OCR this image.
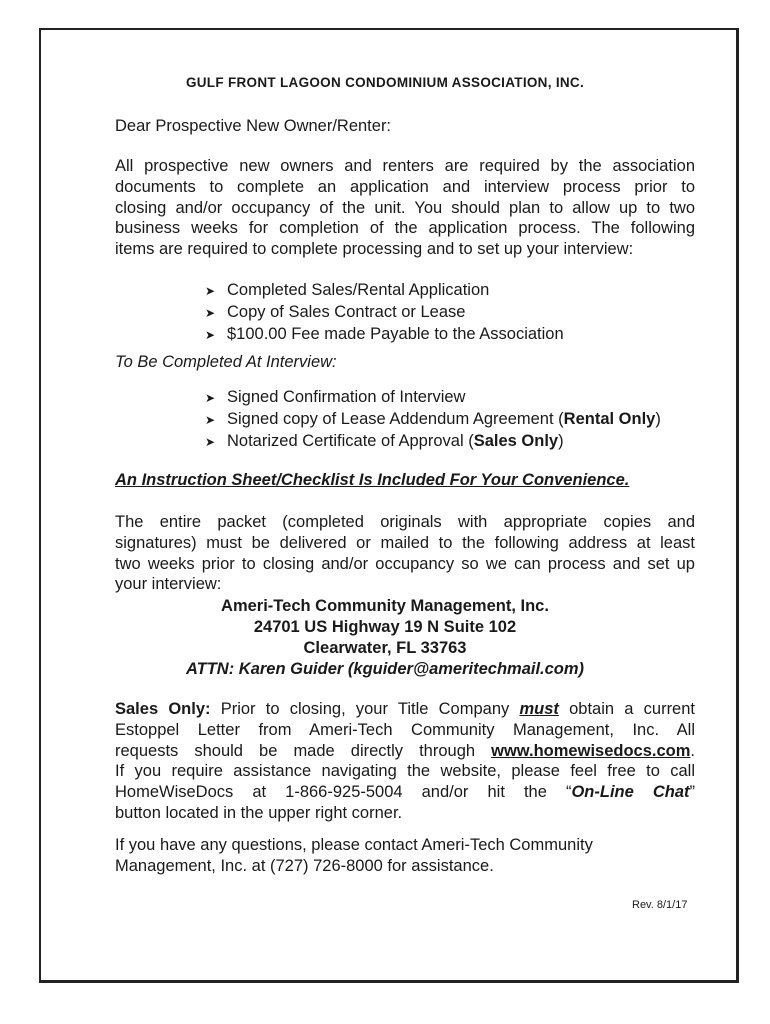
GULF FRONT LAGOON CONDOMINIUM ASSOCIATION, INC.
Dear Prospective New Owner/Renter:
All prospective new owners and renters are required by the association
documents to complete an application and interview process prior to
closing and/or occupancy of the unit. You should plan to allow up to two
business weeks for completion of the application process. The following
items are required to complete processing and to set up your interview:
➤ Completed Sales/Rental Application
➤ Copy of Sales Contract or Lease
➤ $100.00 Fee made Payable to the Association
To Be Completed At Interview:
➤ Signed Confirmation of Interview
➤ Signed copy of Lease Addendum Agreement (Rental Only)
➤ Notarized Certificate of Approval (Sales Only)
An Instruction Sheet/Checklist Is Included For Your Convenience.
The entire packet (completed originals with appropriate copies and
signatures) must be delivered or mailed to the following address at least
two weeks prior to closing and/or occupancy so we can process and set up
your interview:
Ameri-Tech Community Management, Inc.
24701 US Highway 19 N Suite 102
Clearwater, FL 33763
ATTN: Karen Guider (kguider@ameritechmail.com)
Sales Only: Prior to closing, your Title Company must obtain a current
Estoppel Letter from Ameri-Tech Community Management, Inc. All
requests should be made directly through www.homewisedocs.com.
If you require assistance navigating the website, please feel free to call
HomeWiseDocs at 1-866-925-5004 and/or hit the “On-Line Chat”
button located in the upper right corner.
If you have any questions, please contact Ameri-Tech Community
Management, Inc. at (727) 726-8000 for assistance.
Rev. 8/1/17
